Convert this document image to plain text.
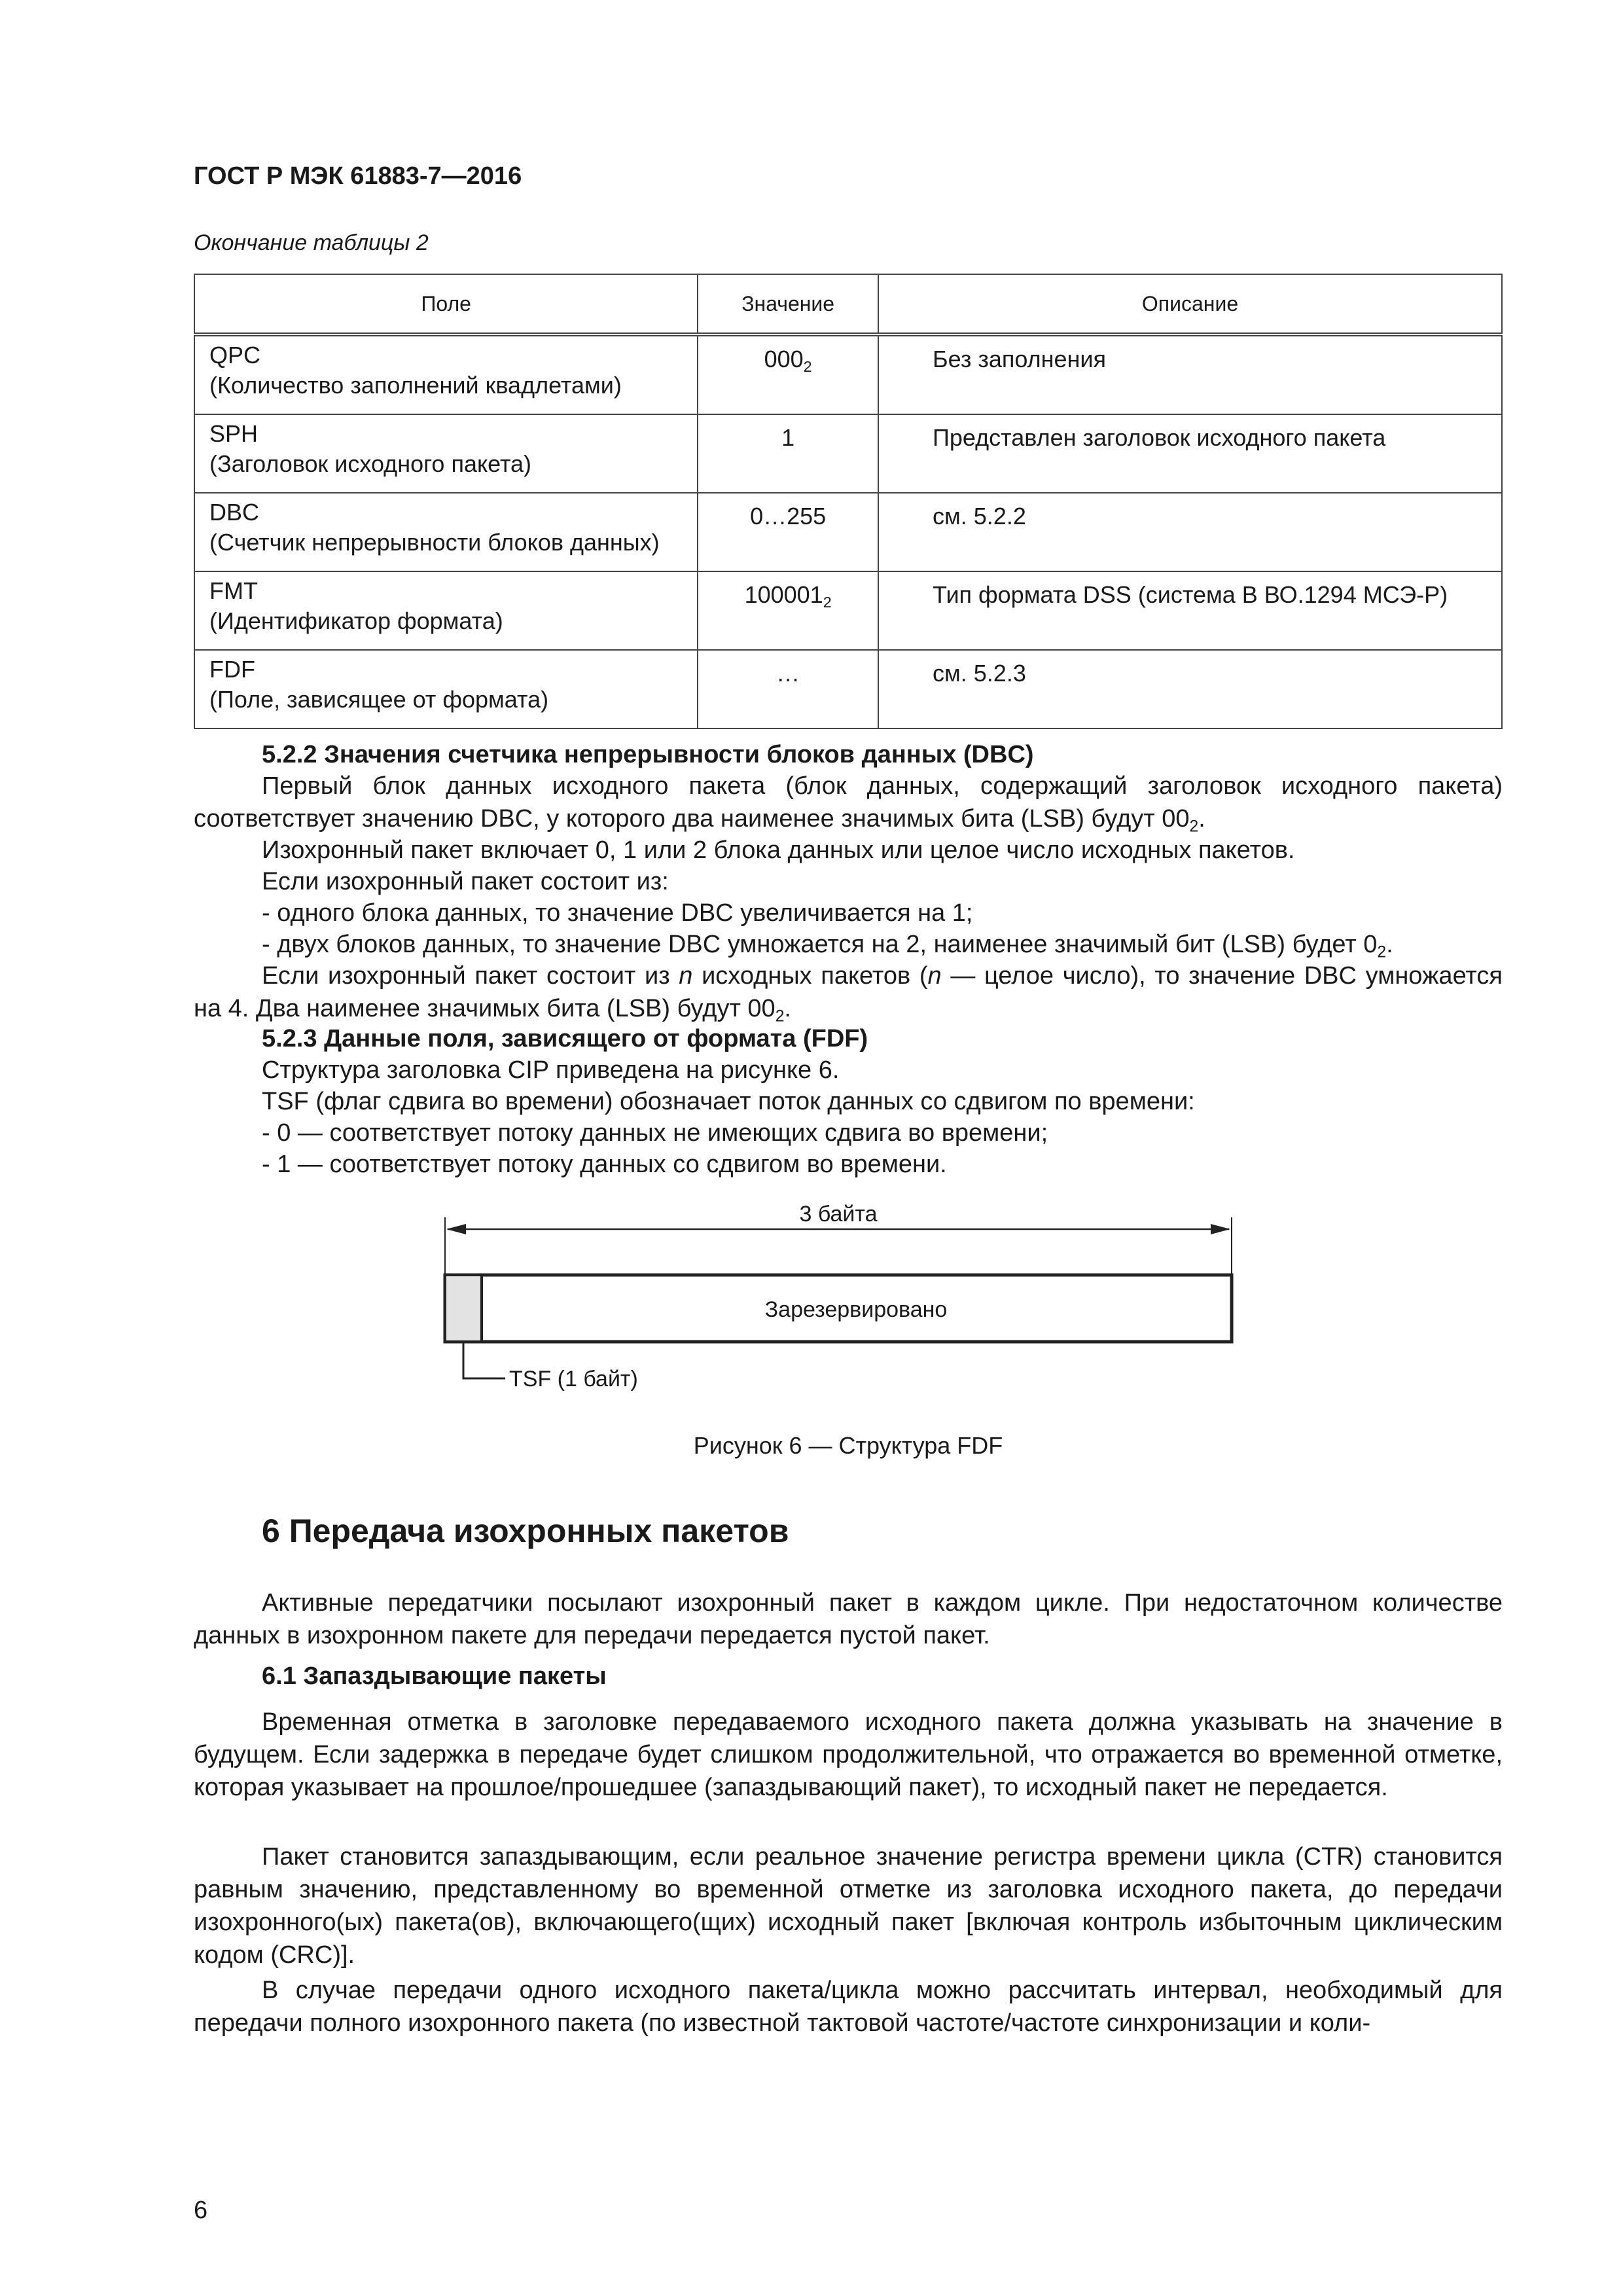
ГОСТ Р МЭК 61883-7—2016
Окончание таблицы 2
Поле	Значение	Описание

QPC
(Количество заполнений квадлетами)	$000_2$	Без заполнения

SPH
(Заголовок исходного пакета)	1	Представлен заголовок исходного пакета

DBC
(Счетчик непрерывности блоков данных)	0…255	см. 5.2.2

FMT
(Идентификатор формата)	$100001_2$	Тип формата DSS (система B ВО.1294 МСЭ-Р)

FDF
(Поле, зависящее от формата)	…	см. 5.2.3
5.2.2 Значения счетчика непрерывности блоков данных (DBC)
Первый блок данных исходного пакета (блок данных, содержащий заголовок исходного пакета) соответствует значению DBC, у которого два наименее значимых бита (LSB) будут $00_2$.
Изохронный пакет включает 0, 1 или 2 блока данных или целое число исходных пакетов.
Если изохронный пакет состоит из:
- одного блока данных, то значение DBC увеличивается на 1;
- двух блоков данных, то значение DBC умножается на 2, наименее значимый бит (LSB) будет $0_2$.
Если изохронный пакет состоит из n исходных пакетов (n — целое число), то значение DBC умножается на 4. Два наименее значимых бита (LSB) будут $00_2$.
5.2.3 Данные поля, зависящего от формата (FDF)
Структура заголовка CIP приведена на рисунке 6.
TSF (флаг сдвига во времени) обозначает поток данных со сдвигом по времени:
- 0 — соответствует потоку данных не имеющих сдвига во времени;
- 1 — соответствует потоку данных со сдвигом во времени.
3 байта
Зарезервировано
TSF (1 байт)
Рисунок 6 — Структура FDF
6 Передача изохронных пакетов
Активные передатчики посылают изохронный пакет в каждом цикле. При недостаточном количестве данных в изохронном пакете для передачи передается пустой пакет.
6.1 Запаздывающие пакеты
Временная отметка в заголовке передаваемого исходного пакета должна указывать на значение в будущем. Если задержка в передаче будет слишком продолжительной, что отражается во временной отметке, которая указывает на прошлое/прошедшее (запаздывающий пакет), то исходный пакет не передается.
Пакет становится запаздывающим, если реальное значение регистра времени цикла (CTR) становится равным значению, представленному во временной отметке из заголовка исходного пакета, до передачи изохронного(ых) пакета(ов), включающего(щих) исходный пакет [включая контроль избыточным циклическим кодом (CRC)].
В случае передачи одного исходного пакета/цикла можно рассчитать интервал, необходимый для передачи полного изохронного пакета (по известной тактовой частоте/частоте синхронизации и коли-
6
